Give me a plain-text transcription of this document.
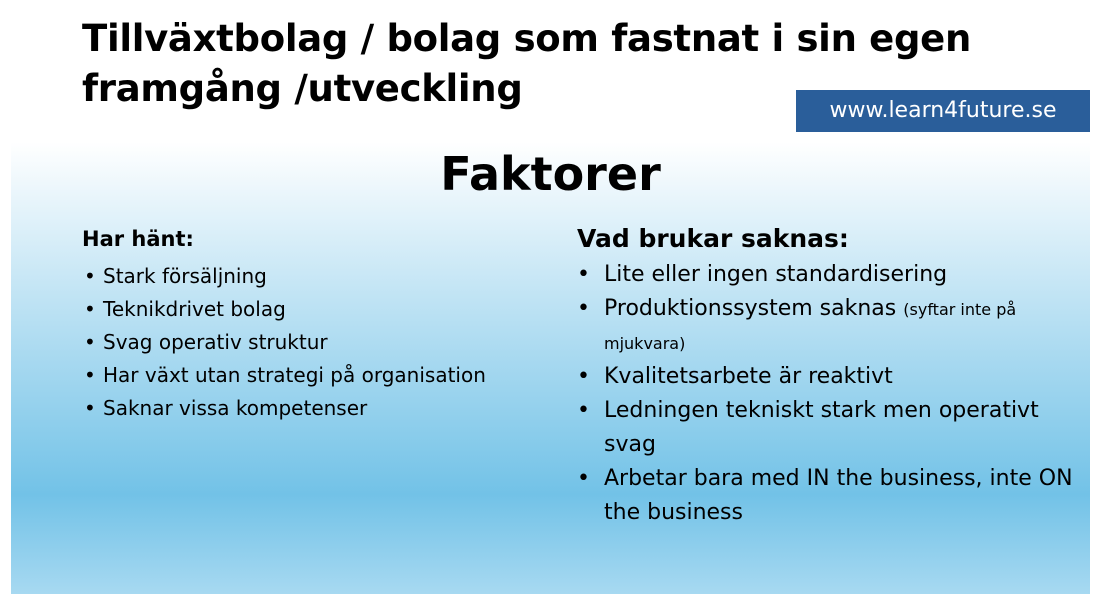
Tillväxtbolag / bolag som fastnat i sin egen framgång /utveckling
www.learn4future.se
Faktorer

Har hänt:

• Stark försäljning
• Teknikdrivet bolag
• Svag operativ struktur
• Har växt utan strategi på organisation
• Saknar vissa kompetenser

Vad brukar saknas:

• Lite eller ingen standardisering
• Produktionssystem saknas (syftar inte på mjukvara)
• Kvalitetsarbete är reaktivt
• Ledningen tekniskt stark men operativt svag
• Arbetar bara med IN the business, inte ON the business
